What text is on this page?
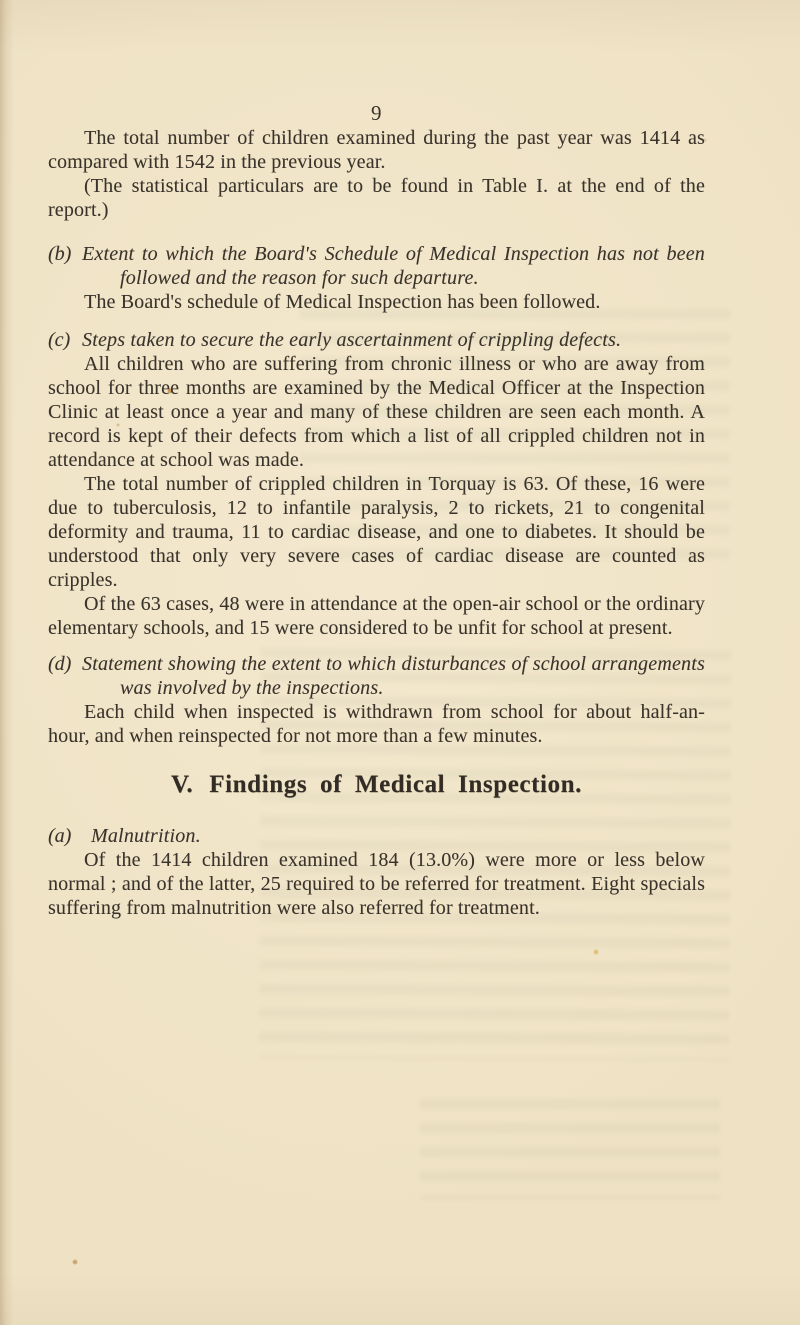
9

The total number of children examined during the past year was 1414 as compared with 1542 in the previous year.

(The statistical particulars are to be found in Table I. at the end of the report.)

(b) Extent to which the Board's Schedule of Medical Inspection has not been followed and the reason for such departure.

The Board's schedule of Medical Inspection has been followed.

(c) Steps taken to secure the early ascertainment of crippling defects.

All children who are suffering from chronic illness or who are away from school for three months are examined by the Medical Officer at the Inspection Clinic at least once a year and many of these children are seen each month. A record is kept of their defects from which a list of all crippled children not in attendance at school was made.

The total number of crippled children in Torquay is 63. Of these, 16 were due to tuberculosis, 12 to infantile paralysis, 2 to rickets, 21 to congenital deformity and trauma, 11 to cardiac disease, and one to diabetes. It should be understood that only very severe cases of cardiac disease are counted as cripples.

Of the 63 cases, 48 were in attendance at the open-air school or the ordinary elementary schools, and 15 were considered to be unfit for school at present.

(d) Statement showing the extent to which disturbances of school arrangements was involved by the inspections.

Each child when inspected is withdrawn from school for about half-an-hour, and when reinspected for not more than a few minutes.

V. Findings of Medical Inspection.
(a) Malnutrition.

Of the 1414 children examined 184 (13.0%) were more or less below normal ; and of the latter, 25 required to be referred for treatment. Eight specials suffering from malnutrition were also referred for treatment.
